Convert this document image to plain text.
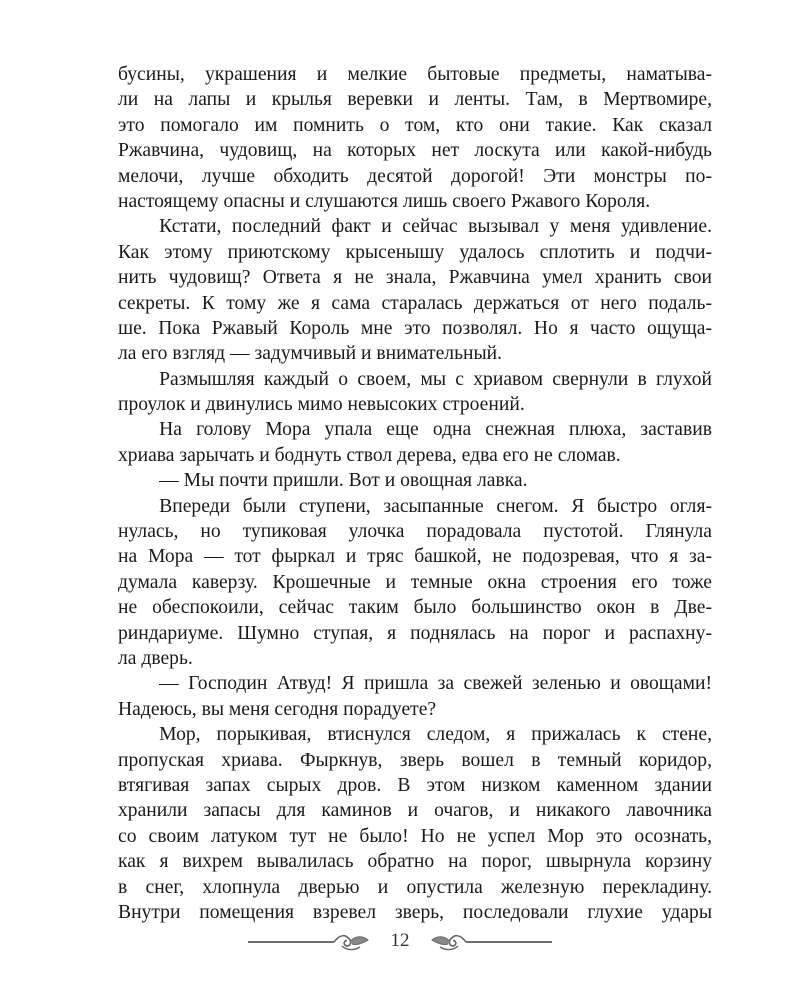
бусины, украшения и мелкие бытовые предметы, наматыва-
ли на лапы и крылья веревки и ленты. Там, в Мертвомире,
это помогало им помнить о том, кто они такие. Как сказал
Ржавчина, чудовищ, на которых нет лоскута или какой-нибудь
мелочи, лучше обходить десятой дорогой! Эти монстры по-
настоящему опасны и слушаются лишь своего Ржавого Короля.
Кстати, последний факт и сейчас вызывал у меня удивление.
Как этому приютскому крысенышу удалось сплотить и подчи-
нить чудовищ? Ответа я не знала, Ржавчина умел хранить свои
секреты. К тому же я сама старалась держаться от него подаль-
ше. Пока Ржавый Король мне это позволял. Но я часто ощуща-
ла его взгляд — задумчивый и внимательный.
Размышляя каждый о своем, мы с хриавом свернули в глухой
проулок и двинулись мимо невысоких строений.
На голову Мора упала еще одна снежная плюха, заставив
хриава зарычать и боднуть ствол дерева, едва его не сломав.
— Мы почти пришли. Вот и овощная лавка.
Впереди были ступени, засыпанные снегом. Я быстро огля-
нулась, но тупиковая улочка порадовала пустотой. Глянула
на Мора — тот фыркал и тряс башкой, не подозревая, что я за-
думала каверзу. Крошечные и темные окна строения его тоже
не обеспокоили, сейчас таким было большинство окон в Две-
риндариуме. Шумно ступая, я поднялась на порог и распахну-
ла дверь.
— Господин Атвуд! Я пришла за свежей зеленью и овощами!
Надеюсь, вы меня сегодня порадуете?
Мор, порыкивая, втиснулся следом, я прижалась к стене,
пропуская хриава. Фыркнув, зверь вошел в темный коридор,
втягивая запах сырых дров. В этом низком каменном здании
хранили запасы для каминов и очагов, и никакого лавочника
со своим латуком тут не было! Но не успел Мор это осознать,
как я вихрем вывалилась обратно на порог, швырнула корзину
в снег, хлопнула дверью и опустила железную перекладину.
Внутри помещения взревел зверь, последовали глухие удары
12
